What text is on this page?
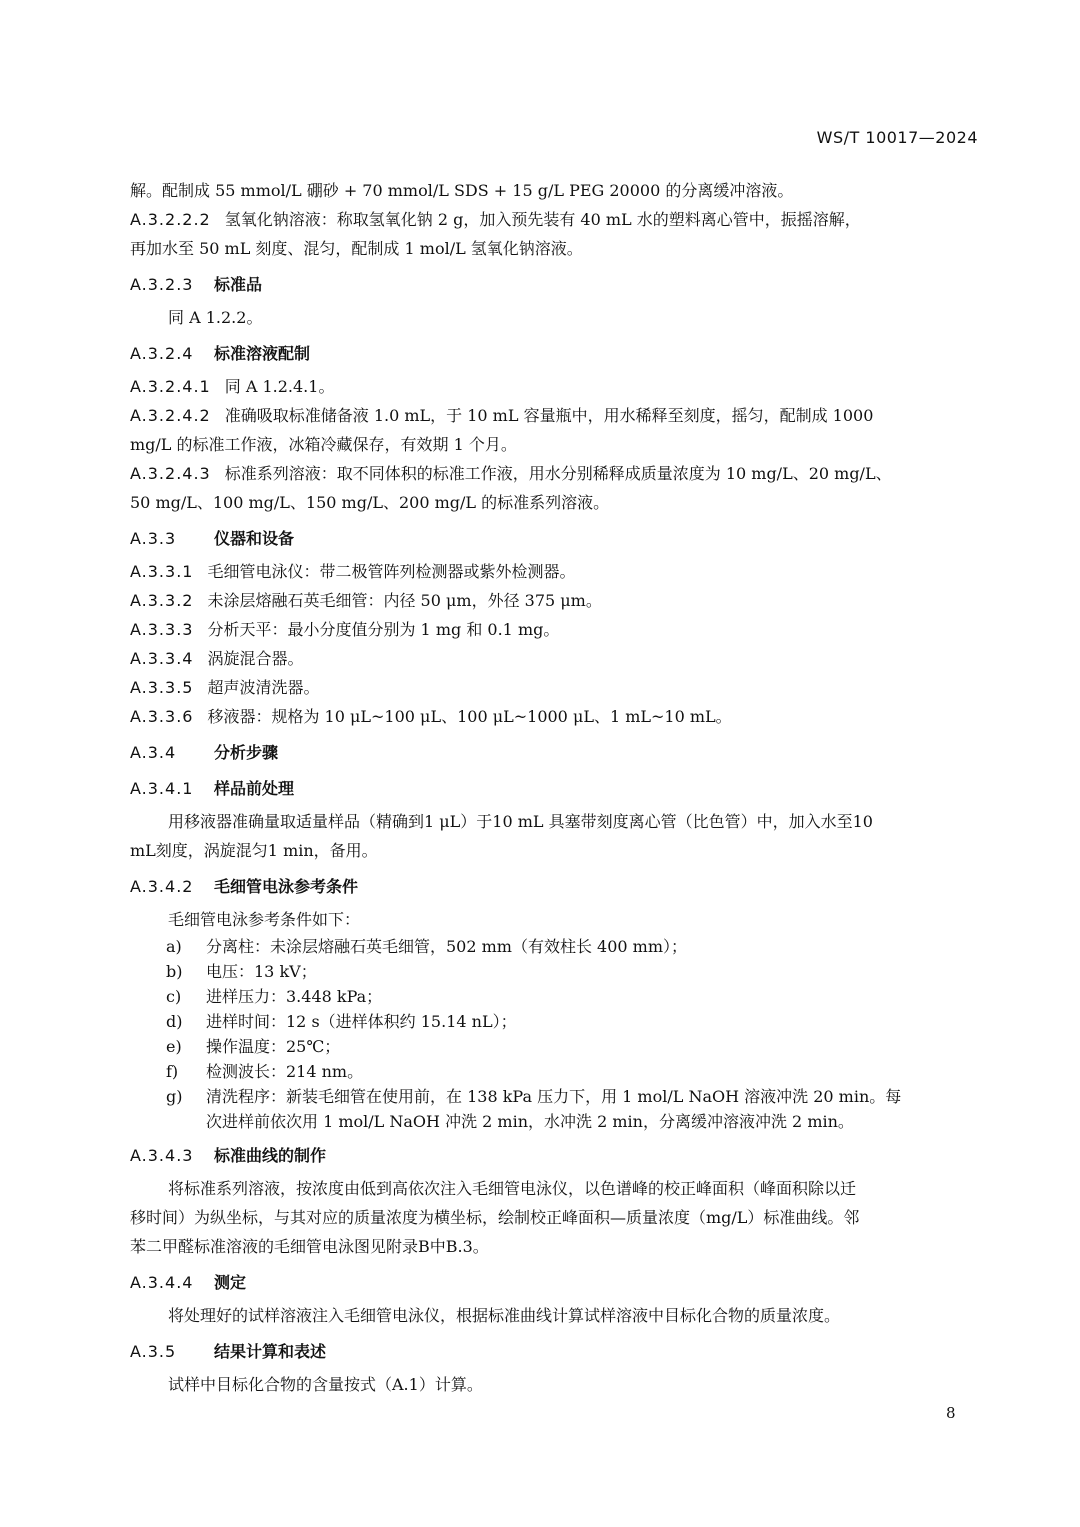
WS/T 10017—2024
解。配制成 55 mmol/L 硼砂 + 70 mmol/L SDS + 15 g/L PEG 20000 的分离缓冲溶液。
A.3.2.2.2 氢氧化钠溶液：称取氢氧化钠 2 g，加入预先装有 40 mL 水的塑料离心管中，振摇溶解，
再加水至 50 mL 刻度、混匀，配制成 1 mol/L 氢氧化钠溶液。
A.3.2.3 标准品
同 A 1.2.2。
A.3.2.4 标准溶液配制
A.3.2.4.1 同 A 1.2.4.1。
A.3.2.4.2 准确吸取标准储备液 1.0 mL，于 10 mL 容量瓶中，用水稀释至刻度，摇匀，配制成 1000
mg/L 的标准工作液，冰箱冷藏保存，有效期 1 个月。
A.3.2.4.3 标准系列溶液：取不同体积的标准工作液，用水分别稀释成质量浓度为 10 mg/L、20 mg/L、
50 mg/L、100 mg/L、150 mg/L、200 mg/L 的标准系列溶液。
A.3.3 仪器和设备
A.3.3.1 毛细管电泳仪：带二极管阵列检测器或紫外检测器。
A.3.3.2 未涂层熔融石英毛细管：内径 50 μm，外径 375 μm。
A.3.3.3 分析天平：最小分度值分别为 1 mg 和 0.1 mg。
A.3.3.4 涡旋混合器。
A.3.3.5 超声波清洗器。
A.3.3.6 移液器：规格为 10 μL~100 μL、100 μL~1000 μL、1 mL~10 mL。
A.3.4 分析步骤
A.3.4.1 样品前处理
用移液器准确量取适量样品（精确到1 μL）于10 mL 具塞带刻度离心管（比色管）中，加入水至10
mL刻度，涡旋混匀1 min，备用。
A.3.4.2 毛细管电泳参考条件
毛细管电泳参考条件如下：
a)	分离柱：未涂层熔融石英毛细管，502 mm（有效柱长 400 mm）；
b)	电压：13 kV；
c)	进样压力：3.448 kPa；
d)	进样时间：12 s（进样体积约 15.14 nL）；
e)	操作温度：25℃；
f)	检测波长：214 nm。
g)	清洗程序：新装毛细管在使用前，在 138 kPa 压力下，用 1 mol/L NaOH 溶液冲洗 20 min。每
次进样前依次用 1 mol/L NaOH 冲洗 2 min，水冲洗 2 min，分离缓冲溶液冲洗 2 min。
A.3.4.3 标准曲线的制作
将标准系列溶液，按浓度由低到高依次注入毛细管电泳仪，以色谱峰的校正峰面积（峰面积除以迁
移时间）为纵坐标，与其对应的质量浓度为横坐标，绘制校正峰面积—质量浓度（mg/L）标准曲线。邻
苯二甲醛标准溶液的毛细管电泳图见附录B中B.3。
A.3.4.4 测定
将处理好的试样溶液注入毛细管电泳仪，根据标准曲线计算试样溶液中目标化合物的质量浓度。
A.3.5 结果计算和表述
试样中目标化合物的含量按式（A.1）计算。
8
